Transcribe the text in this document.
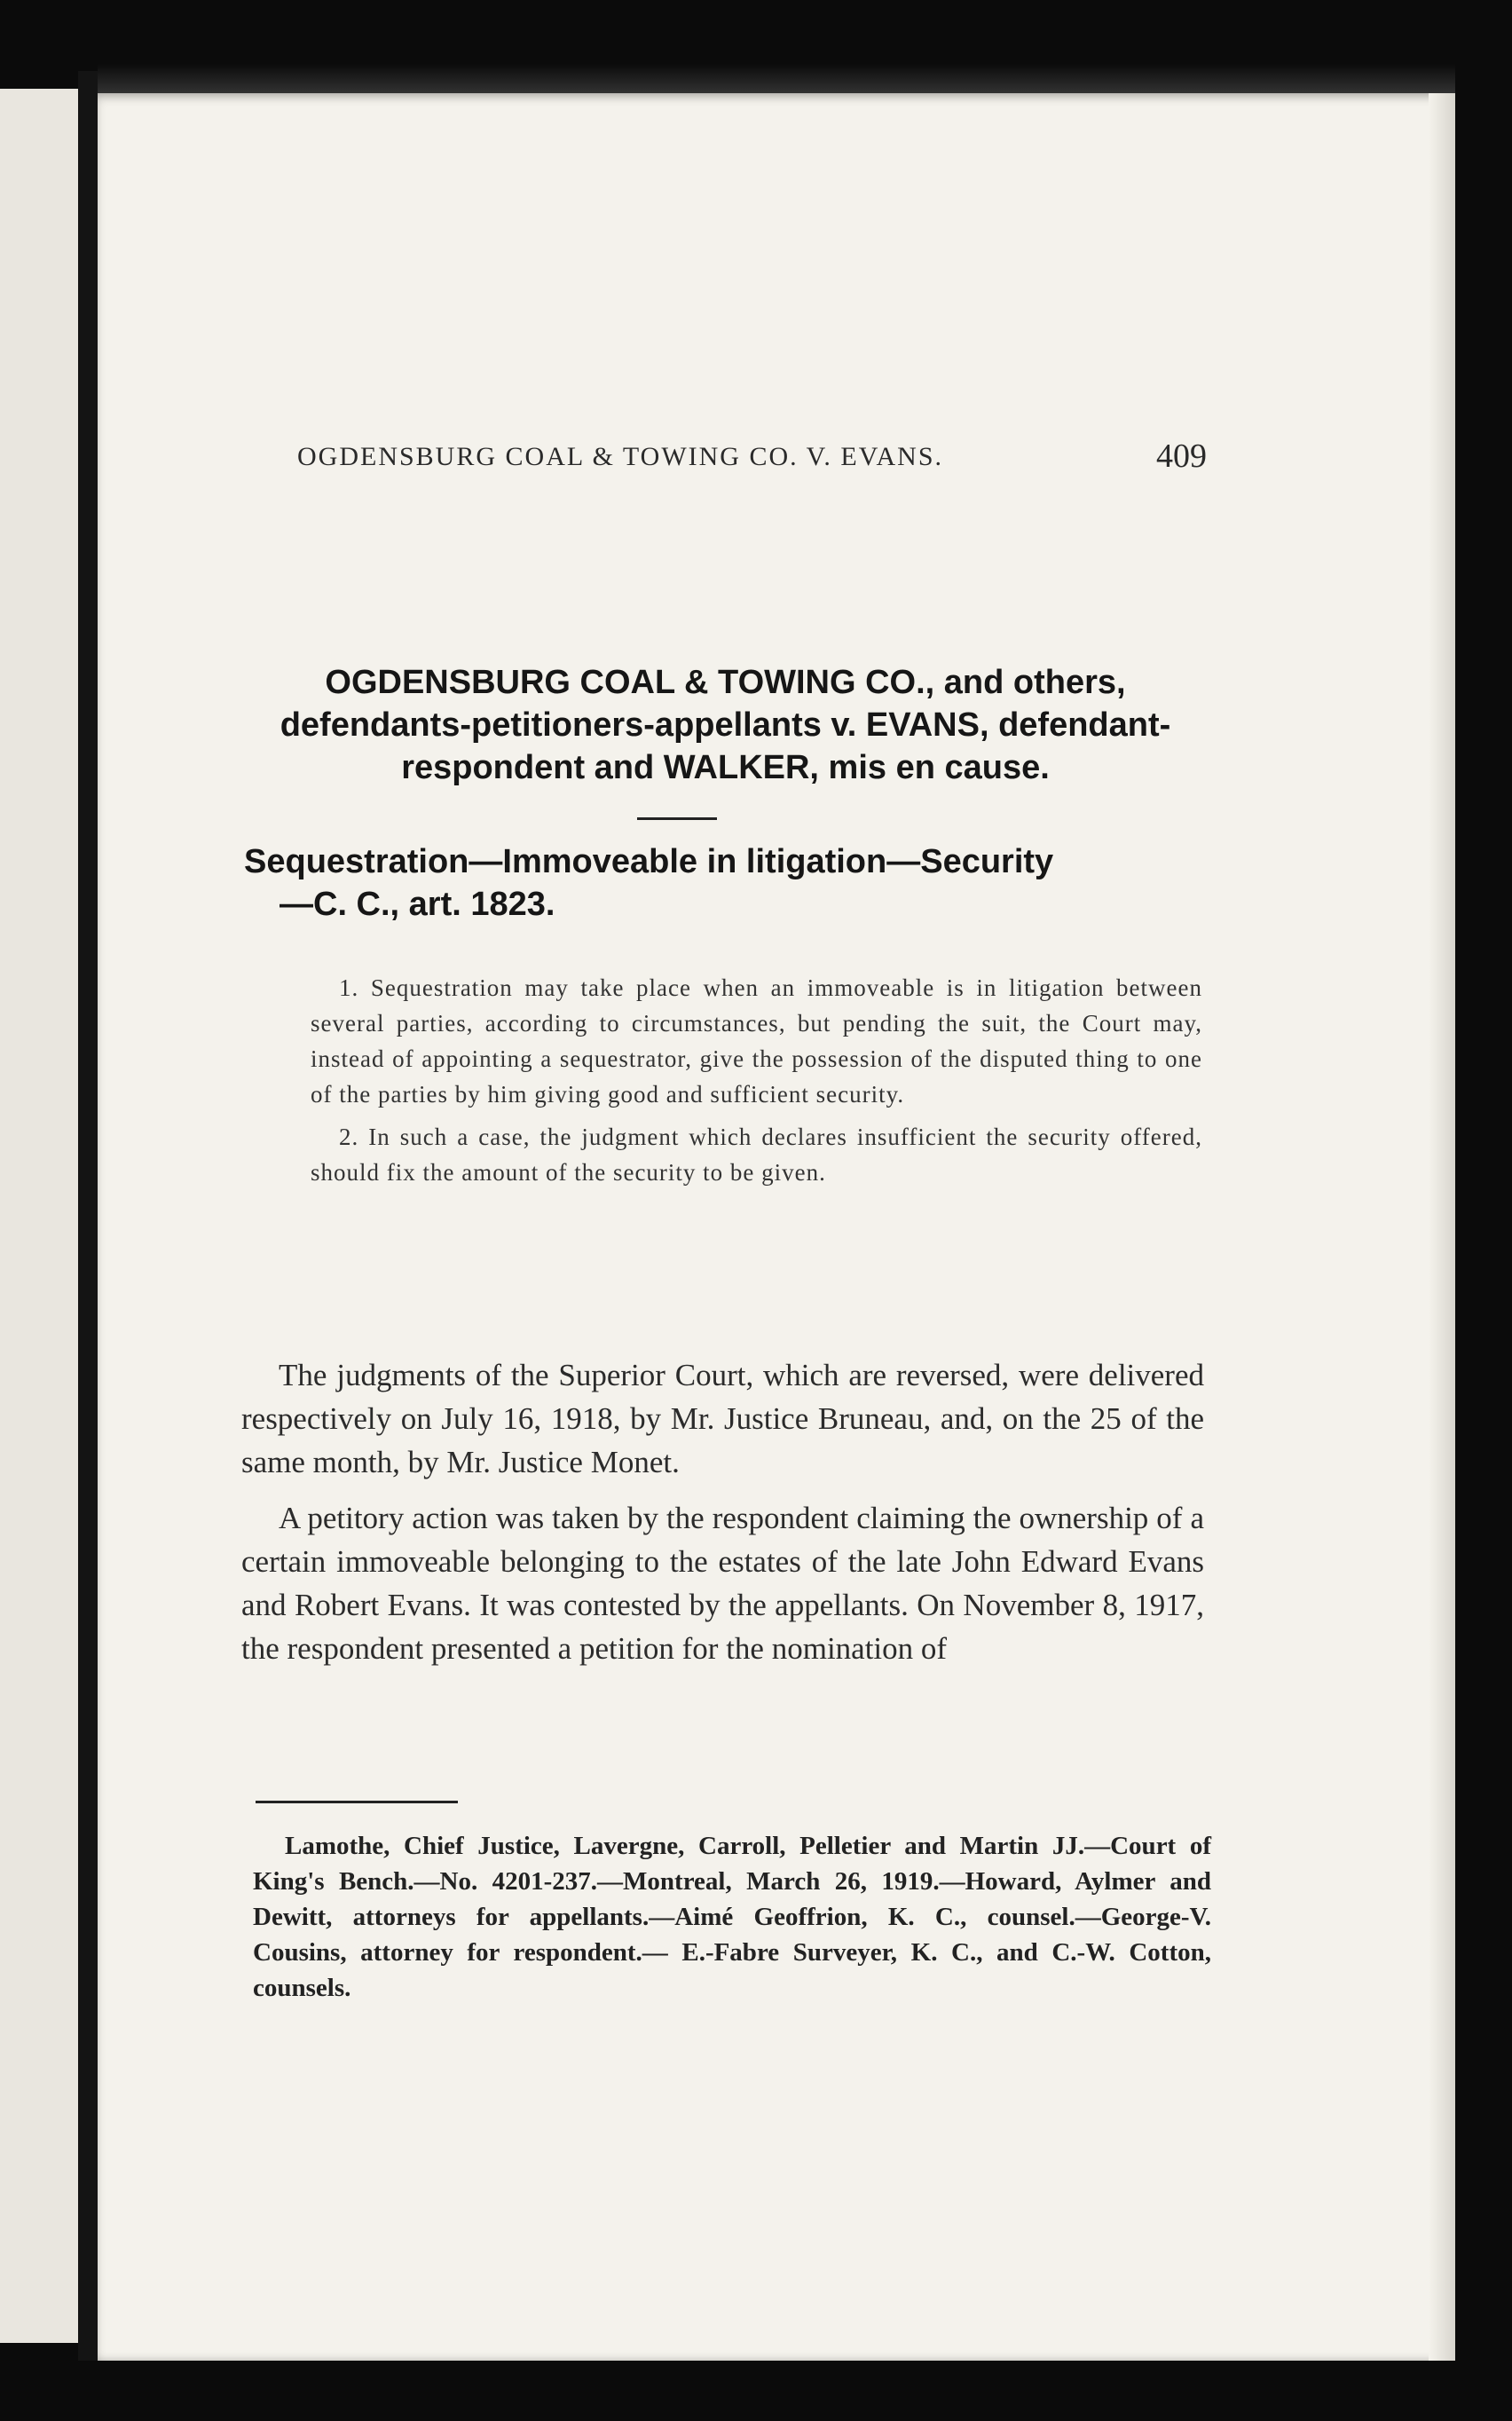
OGDENSBURG COAL & TOWING CO. V. EVANS.	409
OGDENSBURG COAL & TOWING CO., and others, defendants-petitioners-appellants v. EVANS, defendant-respondent and WALKER, mis en cause.
Sequestration—Immoveable in litigation—Security
—C. C., art. 1823.

1. Sequestration may take place when an immoveable is in litigation between several parties, according to circumstances, but pending the suit, the Court may, instead of appointing a sequestrator, give the possession of the disputed thing to one of the parties by him giving good and sufficient security.

2. In such a case, the judgment which declares insufficient the security offered, should fix the amount of the security to be given.

The judgments of the Superior Court, which are reversed, were delivered respectively on July 16, 1918, by Mr. Justice Bruneau, and, on the 25 of the same month, by Mr. Justice Monet.

A petitory action was taken by the respondent claiming the ownership of a certain immoveable belonging to the estates of the late John Edward Evans and Robert Evans. It was contested by the appellants. On November 8, 1917, the respondent presented a petition for the nomination of

Lamothe, Chief Justice, Lavergne, Carroll, Pelletier and Martin JJ.—Court of King's Bench.—No. 4201-237.—Montreal, March 26, 1919.—Howard, Aylmer and Dewitt, attorneys for appellants.—Aimé Geoffrion, K. C., counsel.—George-V. Cousins, attorney for respondent.— E.-Fabre Surveyer, K. C., and C.-W. Cotton, counsels.
